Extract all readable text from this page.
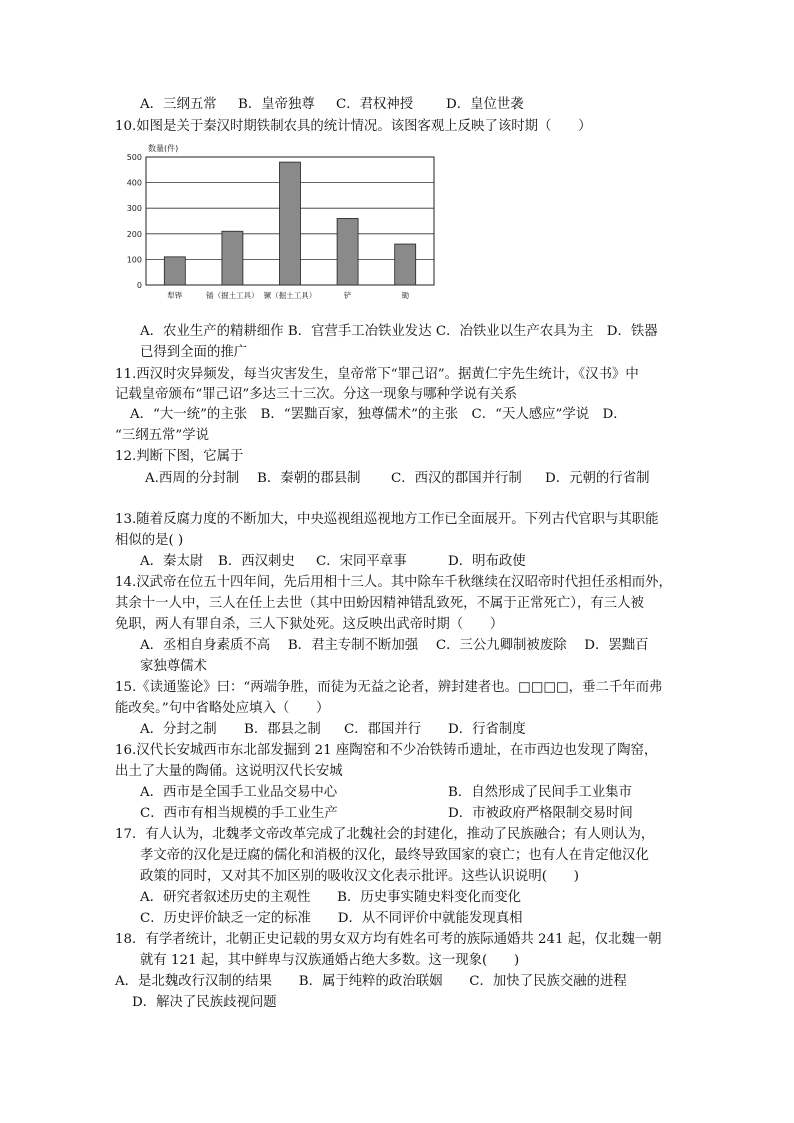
A．三纲五常 B．皇帝独尊 C．君权神授 D．皇位世袭
10.如图是关于秦汉时期铁制农具的统计情况。该图客观上反映了该时期（　　）
数量(件)
0
100
200
300
400
500
犁铧	锸（掘土工具） 镢（掘土工具）	铲	锄
A．农业生产的精耕细作 B．官营手工冶铁业发达 C．冶铁业以生产农具为主　D．铁器
已得到全面的推广
11.西汉时灾异频发，每当灾害发生，皇帝常下“罪己诏”。据黄仁宇先生统计，《汉书》中
记载皇帝颁布“罪己诏”多达三十三次。分这一现象与哪种学说有关系
A．“大一统”的主张　B．“罢黜百家，独尊儒术”的主张　C．“天人感应”学说　D．
“三纲五常”学说
12.判断下图，它属于
A.西周的分封制 B．秦朝的郡县制 C．西汉的郡国并行制 D．元朝的行省制
13.随着反腐力度的不断加大，中央巡视组巡视地方工作已全面展开。下列古代官职与其职能
相似的是( )
A．秦太尉 B．西汉刺史 C．宋同平章事	D．明布政使
14.汉武帝在位五十四年间，先后用相十三人。其中除车千秋继续在汉昭帝时代担任丞相而外，
其余十一人中，三人在任上去世（其中田蚡因精神错乱致死，不属于正常死亡），有三人被
免职，两人有罪自杀，三人下狱处死。这反映出武帝时期（　　）
A．丞相自身素质不高　 B．君主专制不断加强　 C．三公九卿制被废除　 D．罢黜百
家独尊儒术
15.《读通鉴论》曰：“两端争胜，而徒为无益之论者，辨封建者也。□□□□，垂二千年而弗
能改矣。”句中省略处应填入（　　）
A．分封之制 B．郡县之制 C．郡国并行 D．行省制度
16.汉代长安城西市东北部发掘到 21 座陶窑和不少冶铁铸币遗址，在市西边也发现了陶窑，
出土了大量的陶俑。这说明汉代长安城
A．西市是全国手工业品交易中心	B．自然形成了民间手工业集市
C．西市有相当规模的手工业生产	D．市被政府严格限制交易时间
17．有人认为，北魏孝文帝改革完成了北魏社会的封建化，推动了民族融合；有人则认为，
孝文帝的汉化是迂腐的儒化和消极的汉化，最终导致国家的衰亡；也有人在肯定他汉化
政策的同时，又对其不加区别的吸收汉文化表示批评。这些认识说明(　　)
A．研究者叙述历史的主观性　　B．历史事实随史料变化而变化
C．历史评价缺乏一定的标准　　D．从不同评价中就能发现真相
18．有学者统计，北朝正史记载的男女双方均有姓名可考的族际通婚共 241 起，仅北魏一朝
就有 121 起，其中鲜卑与汉族通婚占绝大多数。这一现象(　　)
A．是北魏改行汉制的结果　　B．属于纯粹的政治联姻　　C．加快了民族交融的进程
D．解决了民族歧视问题
